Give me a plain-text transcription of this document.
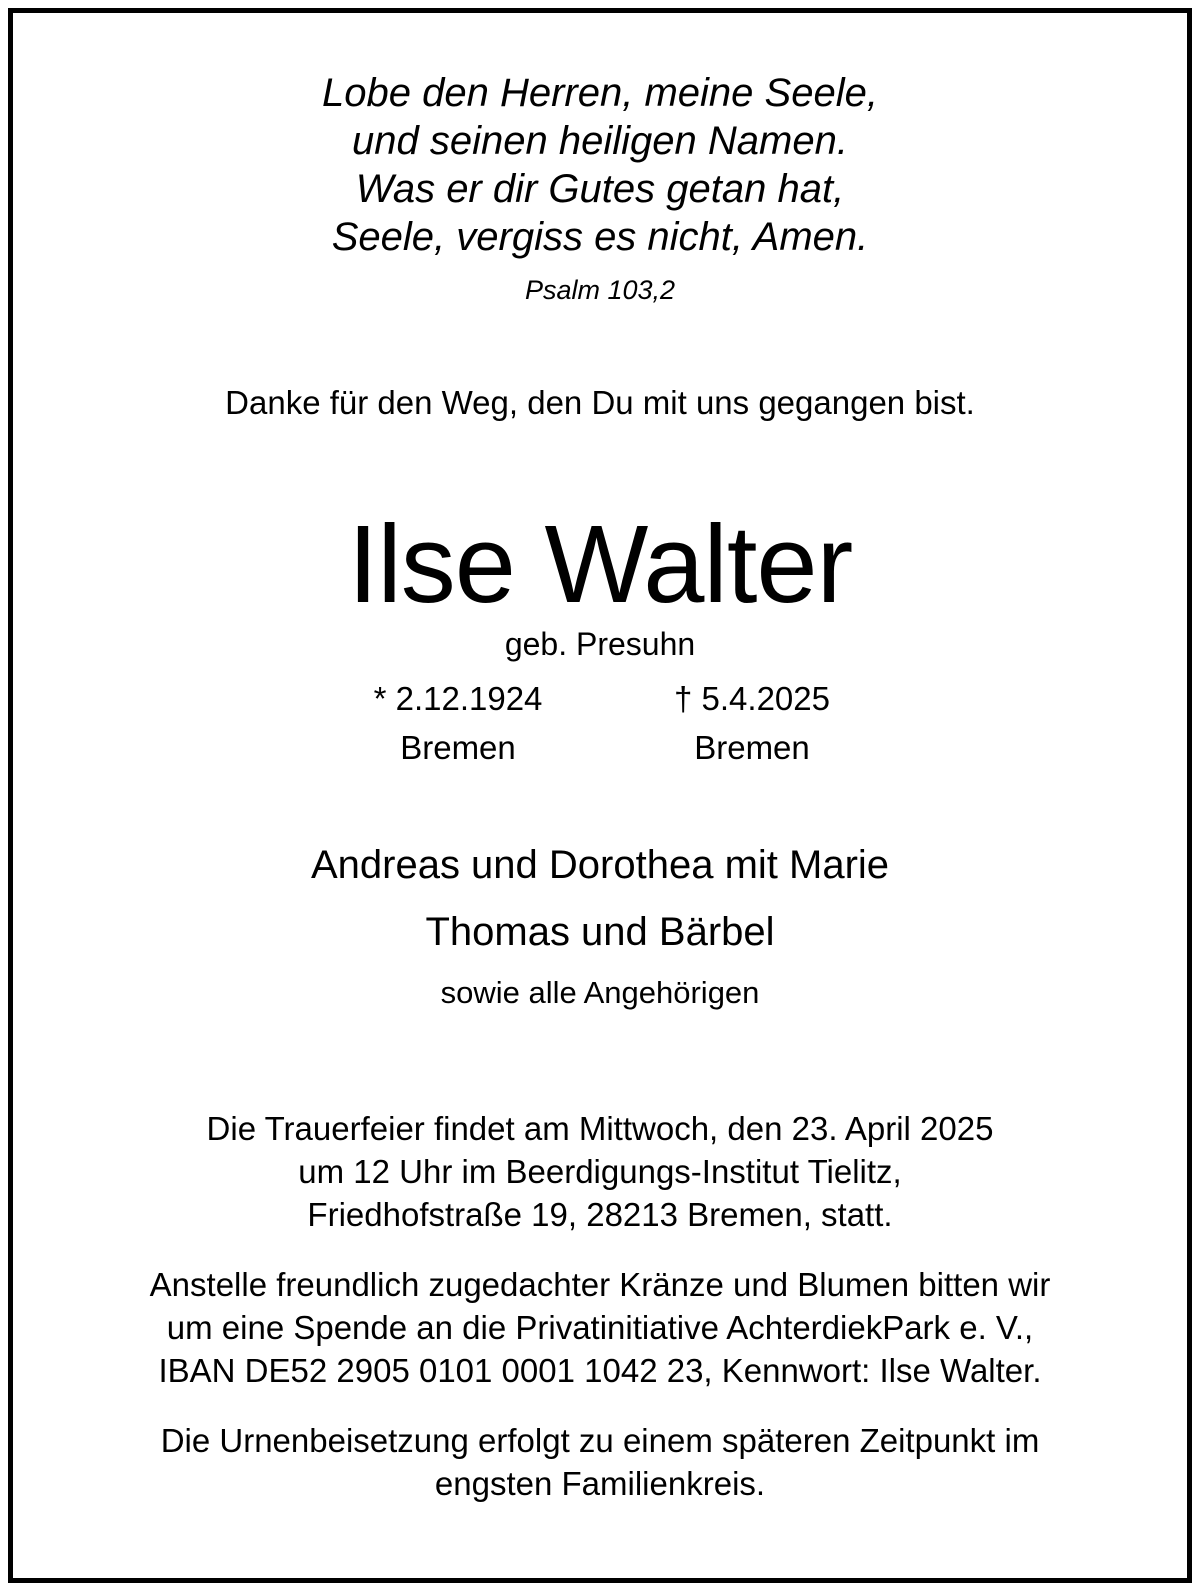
Lobe den Herren, meine Seele,
und seinen heiligen Namen.
Was er dir Gutes getan hat,
Seele, vergiss es nicht, Amen.
Psalm 103,2
Danke für den Weg, den Du mit uns gegangen bist.
Ilse Walter
geb. Presuhn
* 2.12.1924	† 5.4.2025
Bremen	Bremen
Andreas und Dorothea mit Marie
Thomas und Bärbel
sowie alle Angehörigen
Die Trauerfeier findet am Mittwoch, den 23. April 2025
um 12 Uhr im Beerdigungs-Institut Tielitz,
Friedhofstraße 19, 28213 Bremen, statt.
Anstelle freundlich zugedachter Kränze und Blumen bitten wir
um eine Spende an die Privatinitiative AchterdiekPark e. V.,
IBAN DE52 2905 0101 0001 1042 23, Kennwort: Ilse Walter.
Die Urnenbeisetzung erfolgt zu einem späteren Zeitpunkt im
engsten Familienkreis.
